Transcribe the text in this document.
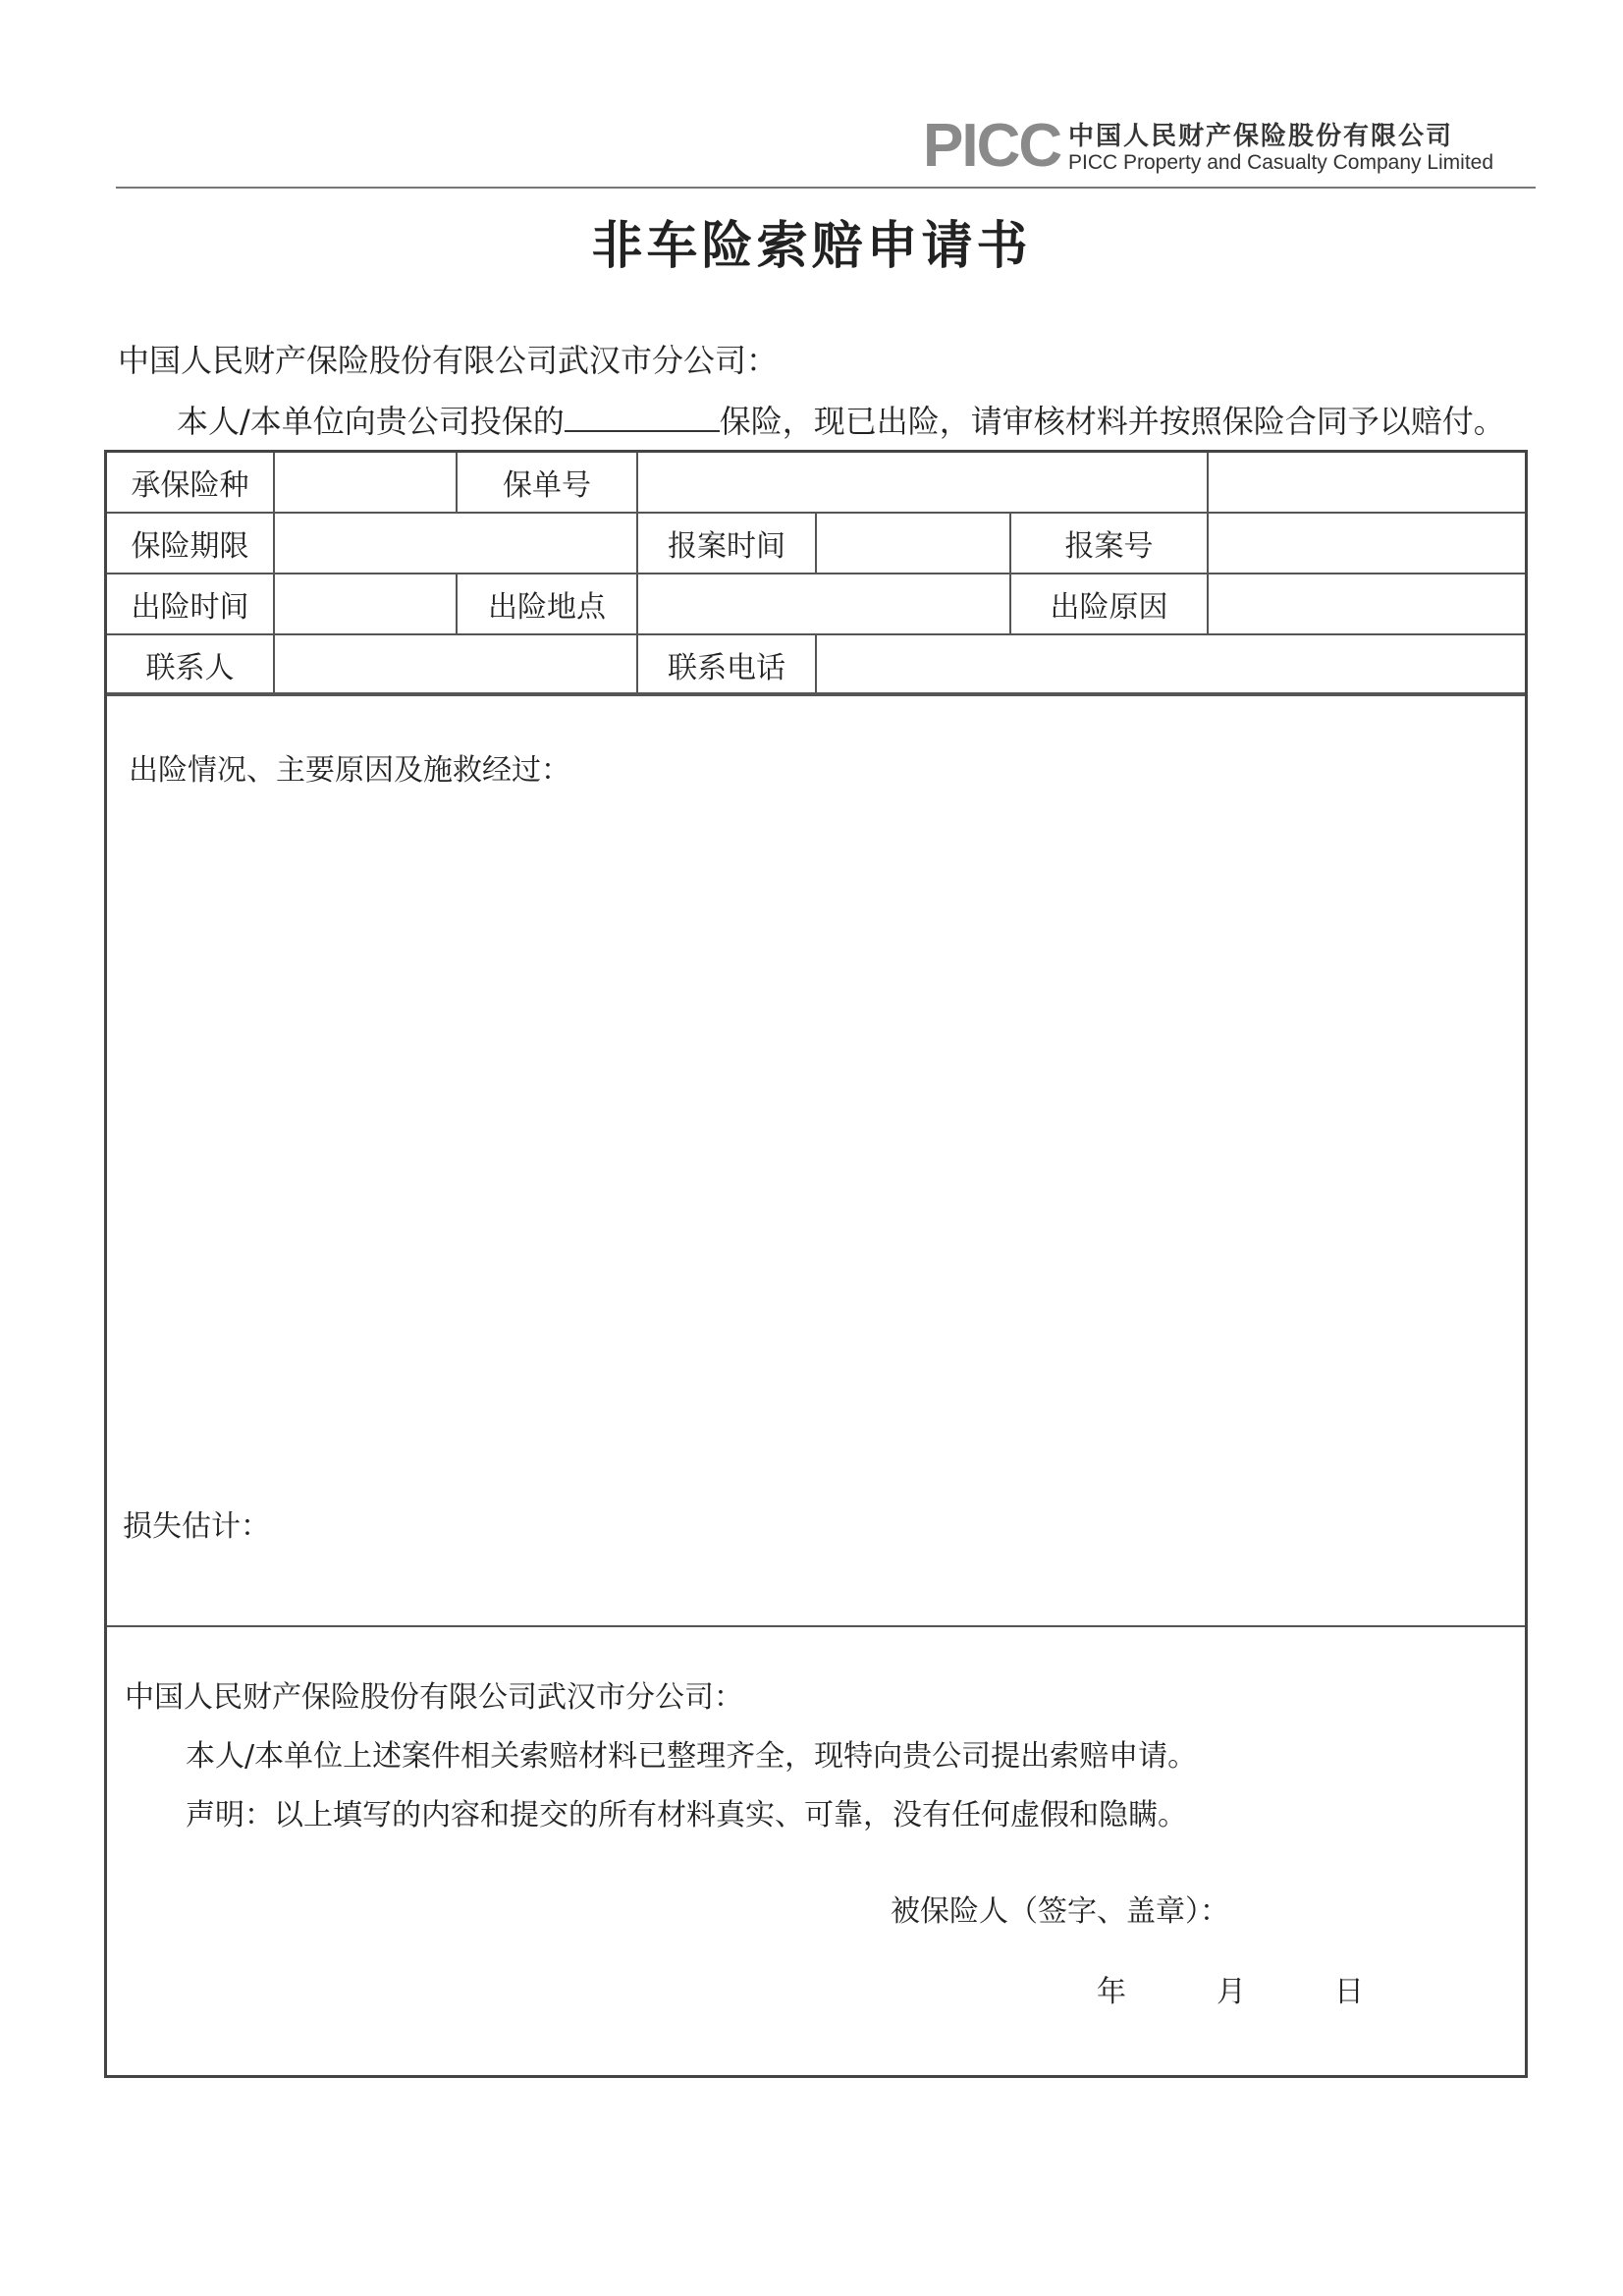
PICC 中国人民财产保险股份有限公司
PICC Property and Casualty Company Limited
非车险索赔申请书
中国人民财产保险股份有限公司武汉市分公司：
本人/本单位向贵公司投保的	保险，现已出险，请审核材料并按照保险合同予以赔付。
承保险种		保单号			
保险期限			报案时间		报案号	
出险时间		出险地点			出险原因	
联系人			联系电话			
出险情况、主要原因及施救经过：
损失估计：
中国人民财产保险股份有限公司武汉市分公司：
本人/本单位上述案件相关索赔材料已整理齐全，现特向贵公司提出索赔申请。
声明：以上填写的内容和提交的所有材料真实、可靠，没有任何虚假和隐瞒。
被保险人（签字、盖章）：
年	月	日
